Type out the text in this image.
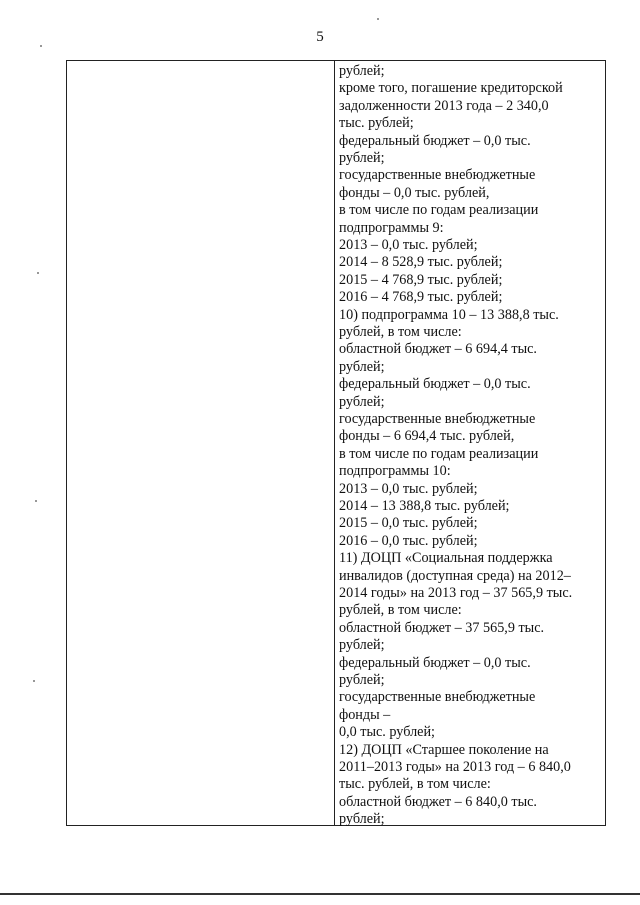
5
рублей;
кроме того, погашение кредиторской
задолженности 2013 года – 2 340,0
тыс. рублей;
федеральный бюджет – 0,0 тыс.
рублей;
государственные внебюджетные
фонды – 0,0 тыс. рублей,
в том числе по годам реализации
подпрограммы 9:
2013 – 0,0 тыс. рублей;
2014 – 8 528,9 тыс. рублей;
2015 – 4 768,9 тыс. рублей;
2016 – 4 768,9 тыс. рублей;
10) подпрограмма 10 – 13 388,8 тыс.
рублей, в том числе:
областной бюджет – 6 694,4 тыс.
рублей;
федеральный бюджет – 0,0 тыс.
рублей;
государственные внебюджетные
фонды – 6 694,4 тыс. рублей,
в том числе по годам реализации
подпрограммы 10:
2013 – 0,0 тыс. рублей;
2014 – 13 388,8 тыс. рублей;
2015 – 0,0 тыс. рублей;
2016 – 0,0 тыс. рублей;
11) ДОЦП «Социальная поддержка
инвалидов (доступная среда) на 2012–
2014 годы» на 2013 год – 37 565,9 тыс.
рублей, в том числе:
областной бюджет – 37 565,9 тыс.
рублей;
федеральный бюджет – 0,0 тыс.
рублей;
государственные внебюджетные
фонды –
0,0 тыс. рублей;
12) ДОЦП «Старшее поколение на
2011–2013 годы» на 2013 год – 6 840,0
тыс. рублей, в том числе:
областной бюджет – 6 840,0 тыс.
рублей;
